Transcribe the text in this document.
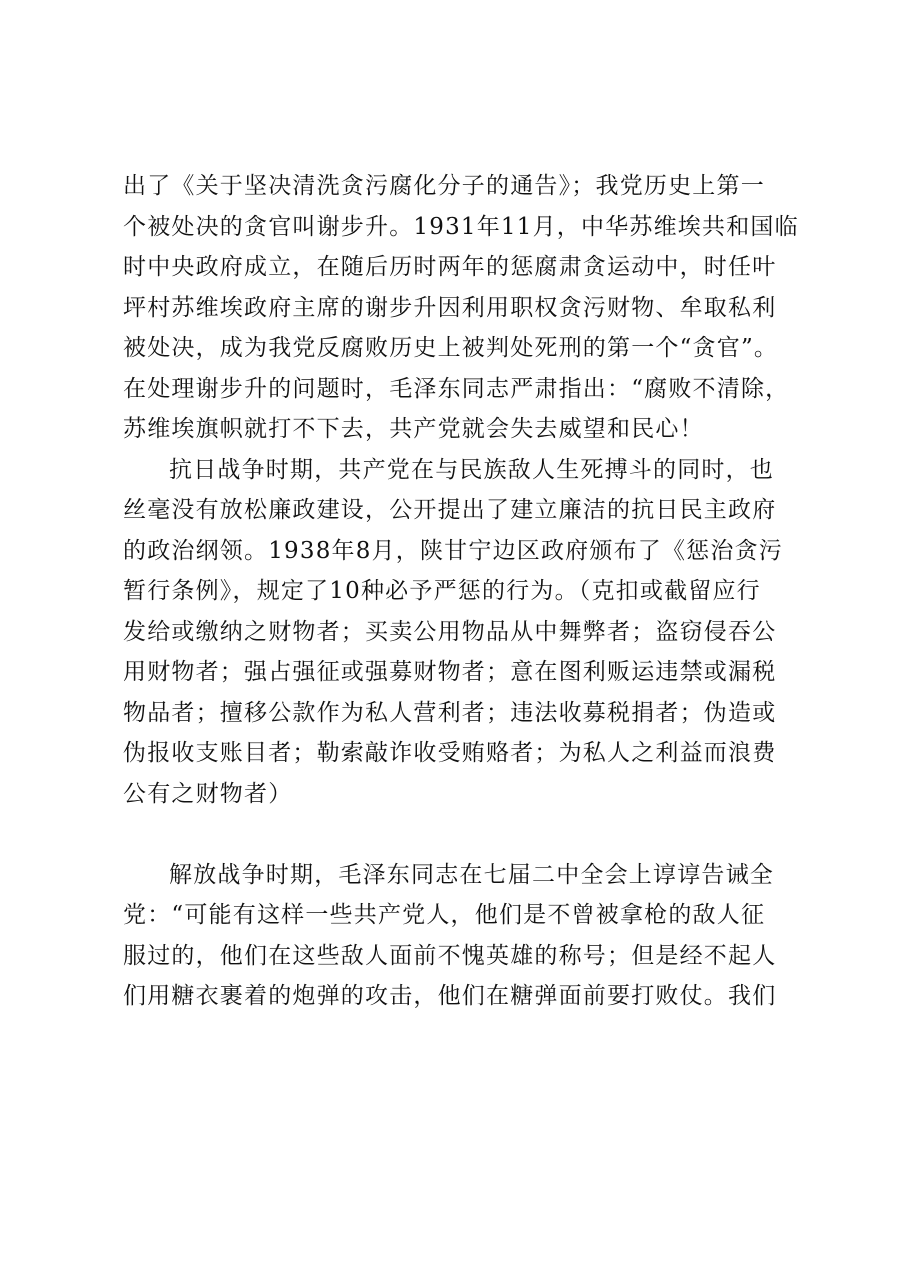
出了《关于坚决清洗贪污腐化分子的通告》；我党历史上第一
个被处决的贪官叫谢步升。1931年11月，中华苏维埃共和国临
时中央政府成立，在随后历时两年的惩腐肃贪运动中，时任叶
坪村苏维埃政府主席的谢步升因利用职权贪污财物、牟取私利
被处决，成为我党反腐败历史上被判处死刑的第一个“贪官”。
在处理谢步升的问题时，毛泽东同志严肃指出：“腐败不清除，
苏维埃旗帜就打不下去，共产党就会失去威望和民心！
抗日战争时期，共产党在与民族敌人生死搏斗的同时，也
丝毫没有放松廉政建设，公开提出了建立廉洁的抗日民主政府
的政治纲领。1938年8月，陕甘宁边区政府颁布了《惩治贪污
暂行条例》，规定了10种必予严惩的行为。（克扣或截留应行
发给或缴纳之财物者；买卖公用物品从中舞弊者；盗窃侵吞公
用财物者；强占强征或强募财物者；意在图利贩运违禁或漏税
物品者；擅移公款作为私人营利者；违法收募税捐者；伪造或
伪报收支账目者；勒索敲诈收受贿赂者；为私人之利益而浪费
公有之财物者）
解放战争时期，毛泽东同志在七届二中全会上谆谆告诫全
党：“可能有这样一些共产党人，他们是不曾被拿枪的敌人征
服过的，他们在这些敌人面前不愧英雄的称号；但是经不起人
们用糖衣裹着的炮弹的攻击，他们在糖弹面前要打败仗。我们
